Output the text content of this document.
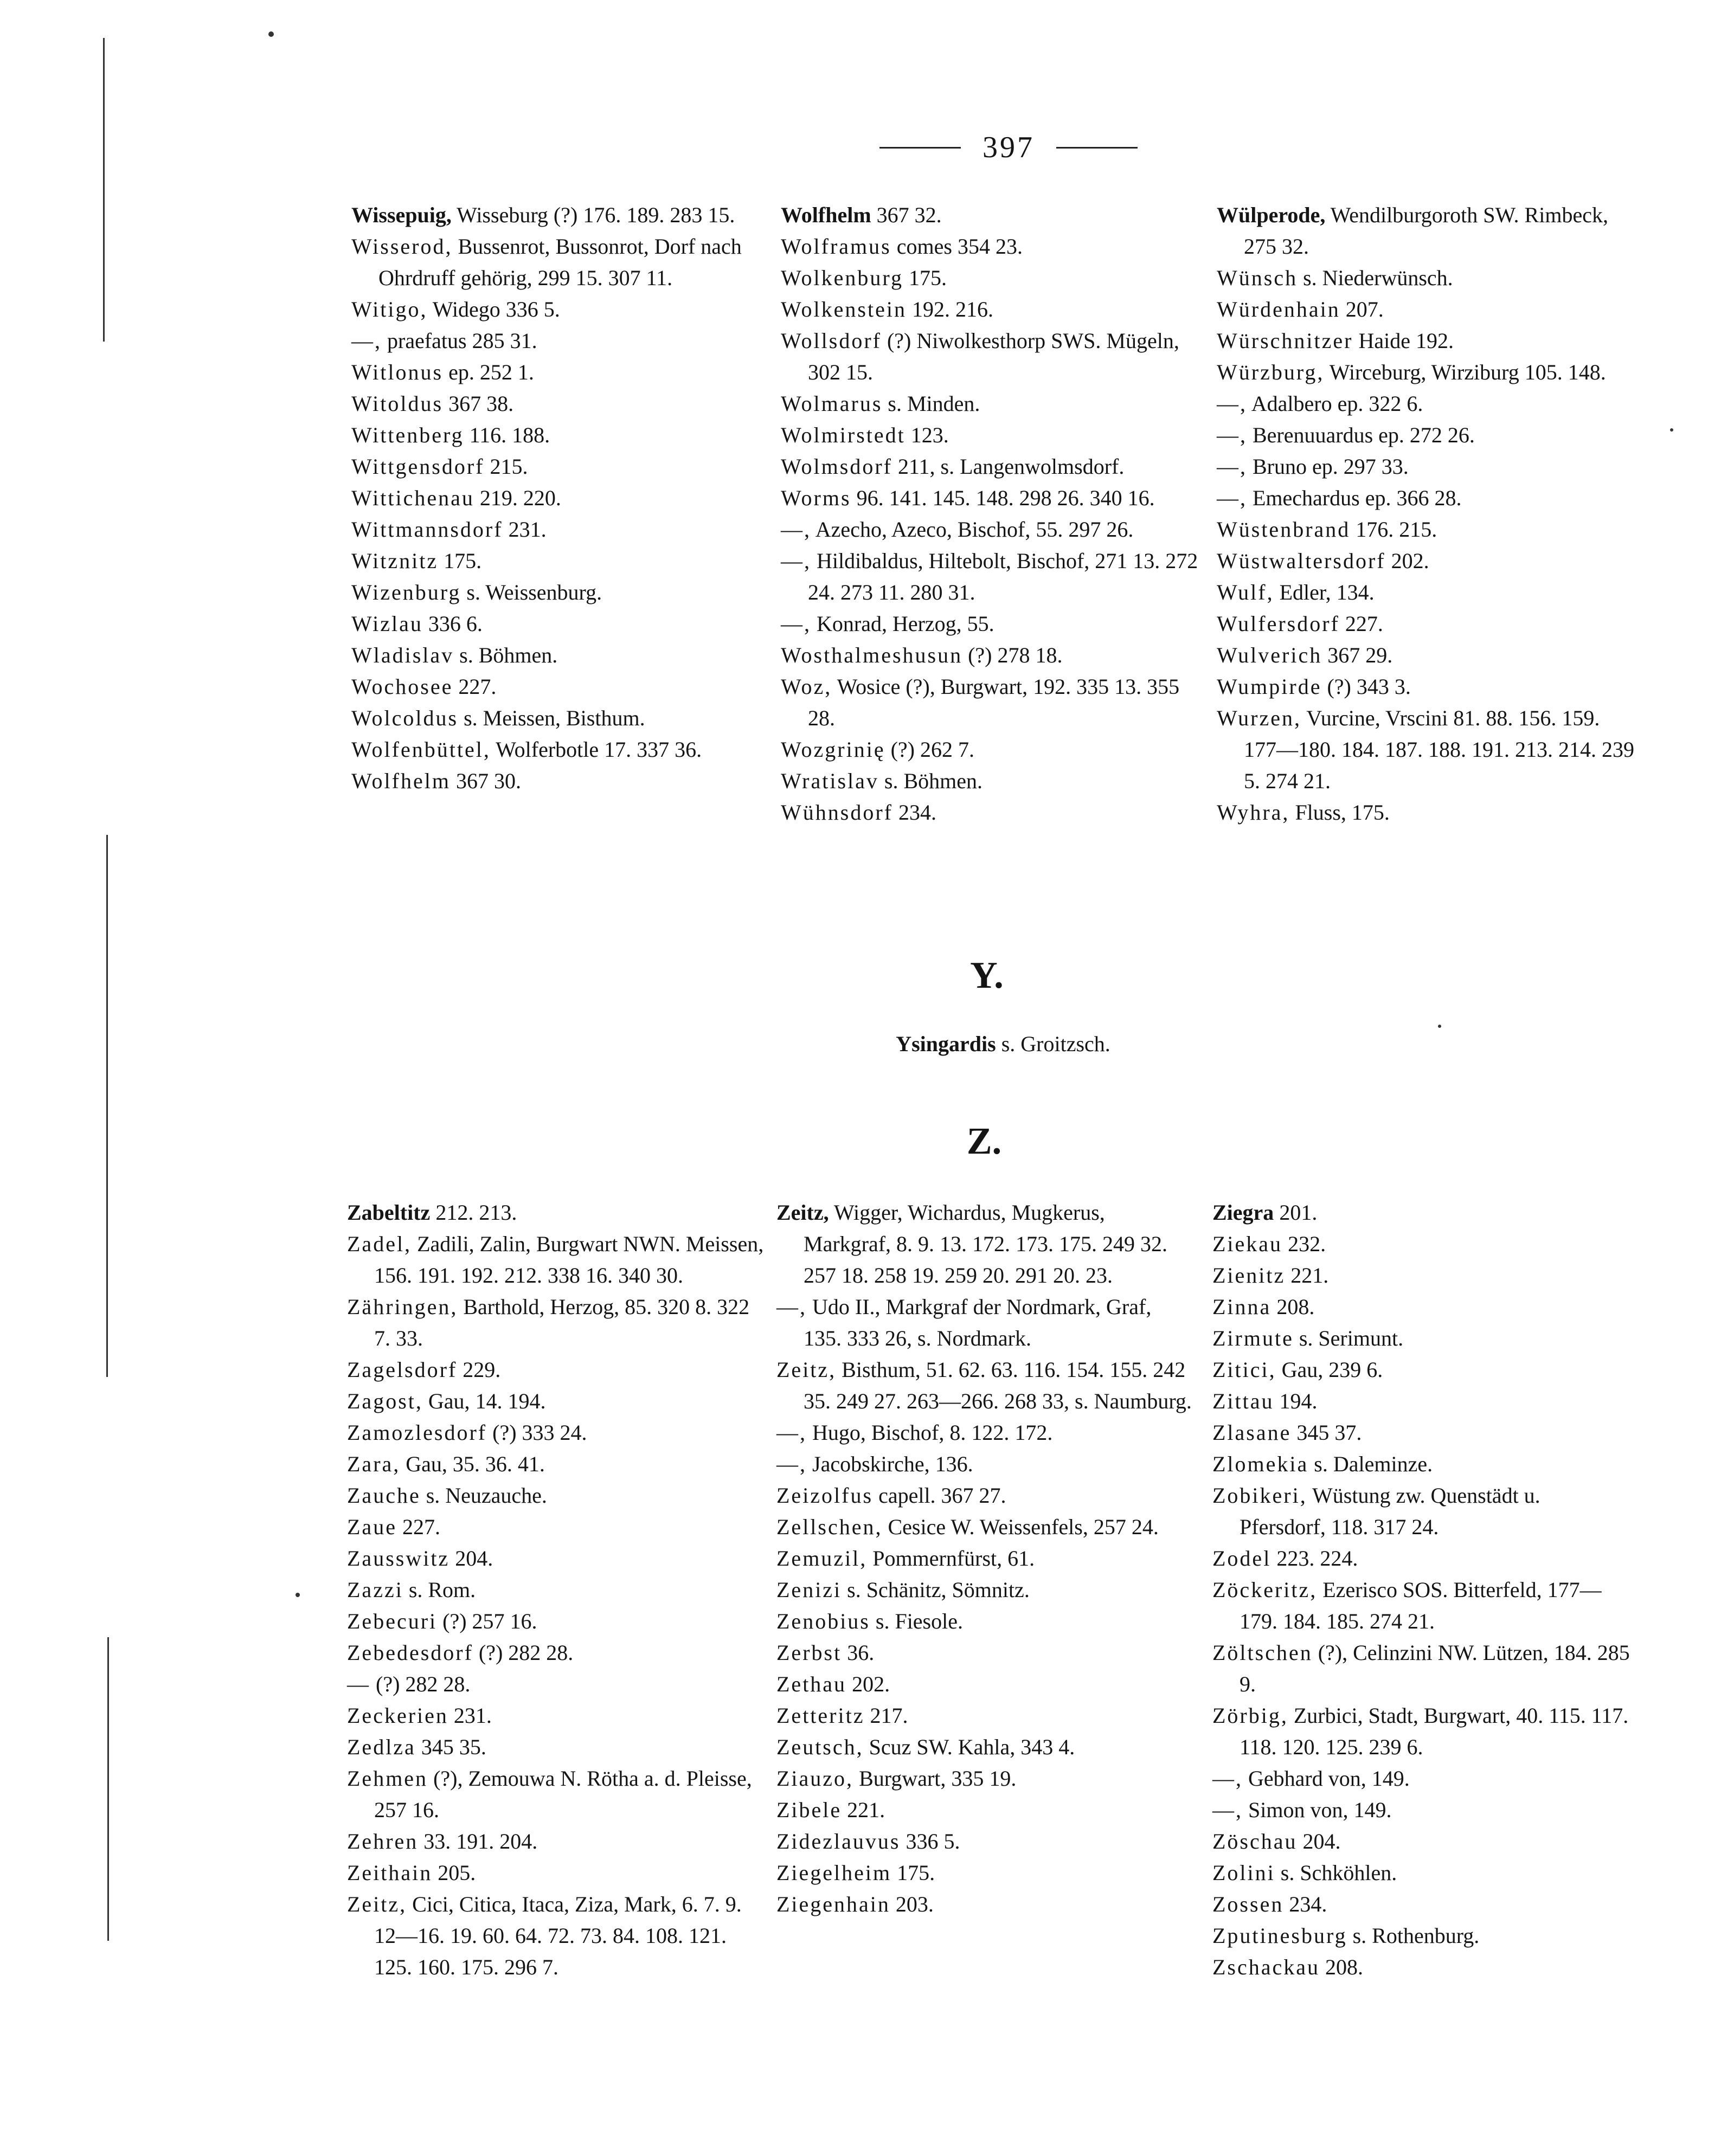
397

Wissepuig, Wisseburg (?) 176. 189. 283 15.

Wisserod, Bussenrot, Bussonrot, Dorf nach Ohrdruff gehörig, 299 15. 307 11.

Witigo, Widego 336 5.

—, praefatus 285 31.

Witlonus ep. 252 1.

Witoldus 367 38.

Wittenberg 116. 188.

Wittgensdorf 215.

Wittichenau 219. 220.

Wittmannsdorf 231.

Witznitz 175.

Wizenburg s. Weissenburg.

Wizlau 336 6.

Wladislav s. Böhmen.

Wochosee 227.

Wolcoldus s. Meissen, Bisthum.

Wolfenbüttel, Wolferbotle 17. 337 36.

Wolfhelm 367 30.

Wolfhelm 367 32.

Wolframus comes 354 23.

Wolkenburg 175.

Wolkenstein 192. 216.

Wollsdorf (?) Niwolkesthorp SWS. Mügeln, 302 15.

Wolmarus s. Minden.

Wolmirstedt 123.

Wolmsdorf 211, s. Langenwolmsdorf.

Worms 96. 141. 145. 148. 298 26. 340 16.

—, Azecho, Azeco, Bischof, 55. 297 26.

—, Hildibaldus, Hiltebolt, Bischof, 271 13. 272 24. 273 11. 280 31.

—, Konrad, Herzog, 55.

Wosthalmeshusun (?) 278 18.

Woz, Wosice (?), Burgwart, 192. 335 13. 355 28.

Wozgrinię (?) 262 7.

Wratislav s. Böhmen.

Wühnsdorf 234.

Wülperode, Wendilburgoroth SW. Rimbeck, 275 32.

Wünsch s. Niederwünsch.

Würdenhain 207.

Würschnitzer Haide 192.

Würzburg, Wirceburg, Wirziburg 105. 148.

—, Adalbero ep. 322 6.

—, Berenuuardus ep. 272 26.

—, Bruno ep. 297 33.

—, Emechardus ep. 366 28.

Wüstenbrand 176. 215.

Wüstwaltersdorf 202.

Wulf, Edler, 134.

Wulfersdorf 227.

Wulverich 367 29.

Wumpirde (?) 343 3.

Wurzen, Vurcine, Vrscini 81. 88. 156. 159. 177—180. 184. 187. 188. 191. 213. 214. 239 5. 274 21.

Wyhra, Fluss, 175.

Y.
Ysingardis s. Groitzsch.
Z.

Zabeltitz 212. 213.

Zadel, Zadili, Zalin, Burgwart NWN. Meissen, 156. 191. 192. 212. 338 16. 340 30.

Zähringen, Barthold, Herzog, 85. 320 8. 322 7. 33.

Zagelsdorf 229.

Zagost, Gau, 14. 194.

Zamozlesdorf (?) 333 24.

Zara, Gau, 35. 36. 41.

Zauche s. Neuzauche.

Zaue 227.

Zausswitz 204.

Zazzi s. Rom.

Zebecuri (?) 257 16.

Zebedesdorf (?) 282 28.

— (?) 282 28.

Zeckerien 231.

Zedlza 345 35.

Zehmen (?), Zemouwa N. Rötha a. d. Pleisse, 257 16.

Zehren 33. 191. 204.

Zeithain 205.

Zeitz, Cici, Citica, Itaca, Ziza, Mark, 6. 7. 9. 12—16. 19. 60. 64. 72. 73. 84. 108. 121. 125. 160. 175. 296 7.

Zeitz, Wigger, Wichardus, Mugkerus, Markgraf, 8. 9. 13. 172. 173. 175. 249 32. 257 18. 258 19. 259 20. 291 20. 23.

—, Udo II., Markgraf der Nordmark, Graf, 135. 333 26, s. Nordmark.

Zeitz, Bisthum, 51. 62. 63. 116. 154. 155. 242 35. 249 27. 263—266. 268 33, s. Naumburg.

—, Hugo, Bischof, 8. 122. 172.

—, Jacobskirche, 136.

Zeizolfus capell. 367 27.

Zellschen, Cesice W. Weissenfels, 257 24.

Zemuzil, Pommernfürst, 61.

Zenizi s. Schänitz, Sömnitz.

Zenobius s. Fiesole.

Zerbst 36.

Zethau 202.

Zetteritz 217.

Zeutsch, Scuz SW. Kahla, 343 4.

Ziauzo, Burgwart, 335 19.

Zibele 221.

Zidezlauvus 336 5.

Ziegelheim 175.

Ziegenhain 203.

Ziegra 201.

Ziekau 232.

Zienitz 221.

Zinna 208.

Zirmute s. Serimunt.

Zitici, Gau, 239 6.

Zittau 194.

Zlasane 345 37.

Zlomekia s. Daleminze.

Zobikeri, Wüstung zw. Quenstädt u. Pfersdorf, 118. 317 24.

Zodel 223. 224.

Zöckeritz, Ezerisco SOS. Bitterfeld, 177—179. 184. 185. 274 21.

Zöltschen (?), Celinzini NW. Lützen, 184. 285 9.

Zörbig, Zurbici, Stadt, Burgwart, 40. 115. 117. 118. 120. 125. 239 6.

—, Gebhard von, 149.

—, Simon von, 149.

Zöschau 204.

Zolini s. Schköhlen.

Zossen 234.

Zputinesburg s. Rothenburg.

Zschackau 208.
